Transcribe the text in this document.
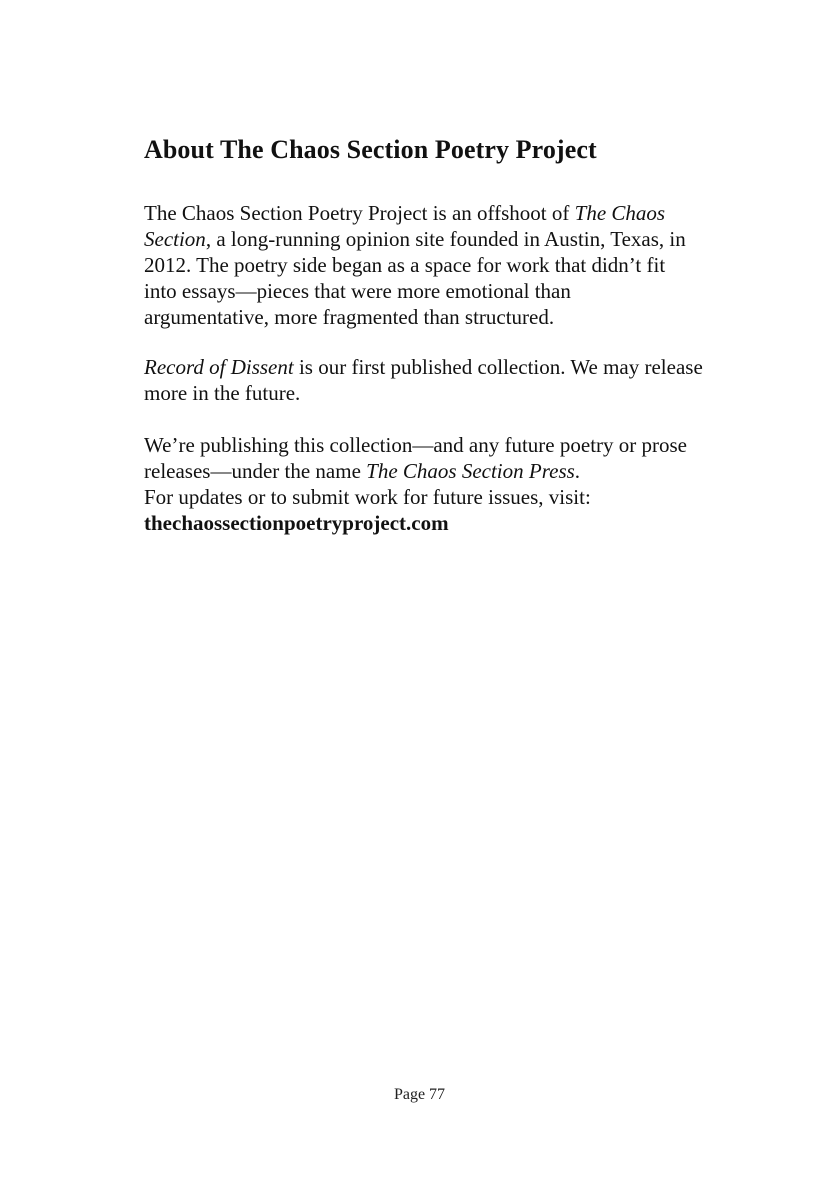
About The Chaos Section Poetry Project

The Chaos Section Poetry Project is an offshoot of The Chaos
Section, a long-running opinion site founded in Austin, Texas, in
2012. The poetry side began as a space for work that didn’t fit
into essays—pieces that were more emotional than
argumentative, more fragmented than structured.

Record of Dissent is our first published collection. We may release
more in the future.

We’re publishing this collection—and any future poetry or prose
releases—under the name The Chaos Section Press.
For updates or to submit work for future issues, visit:
thechaossectionpoetryproject.com

Page 77
